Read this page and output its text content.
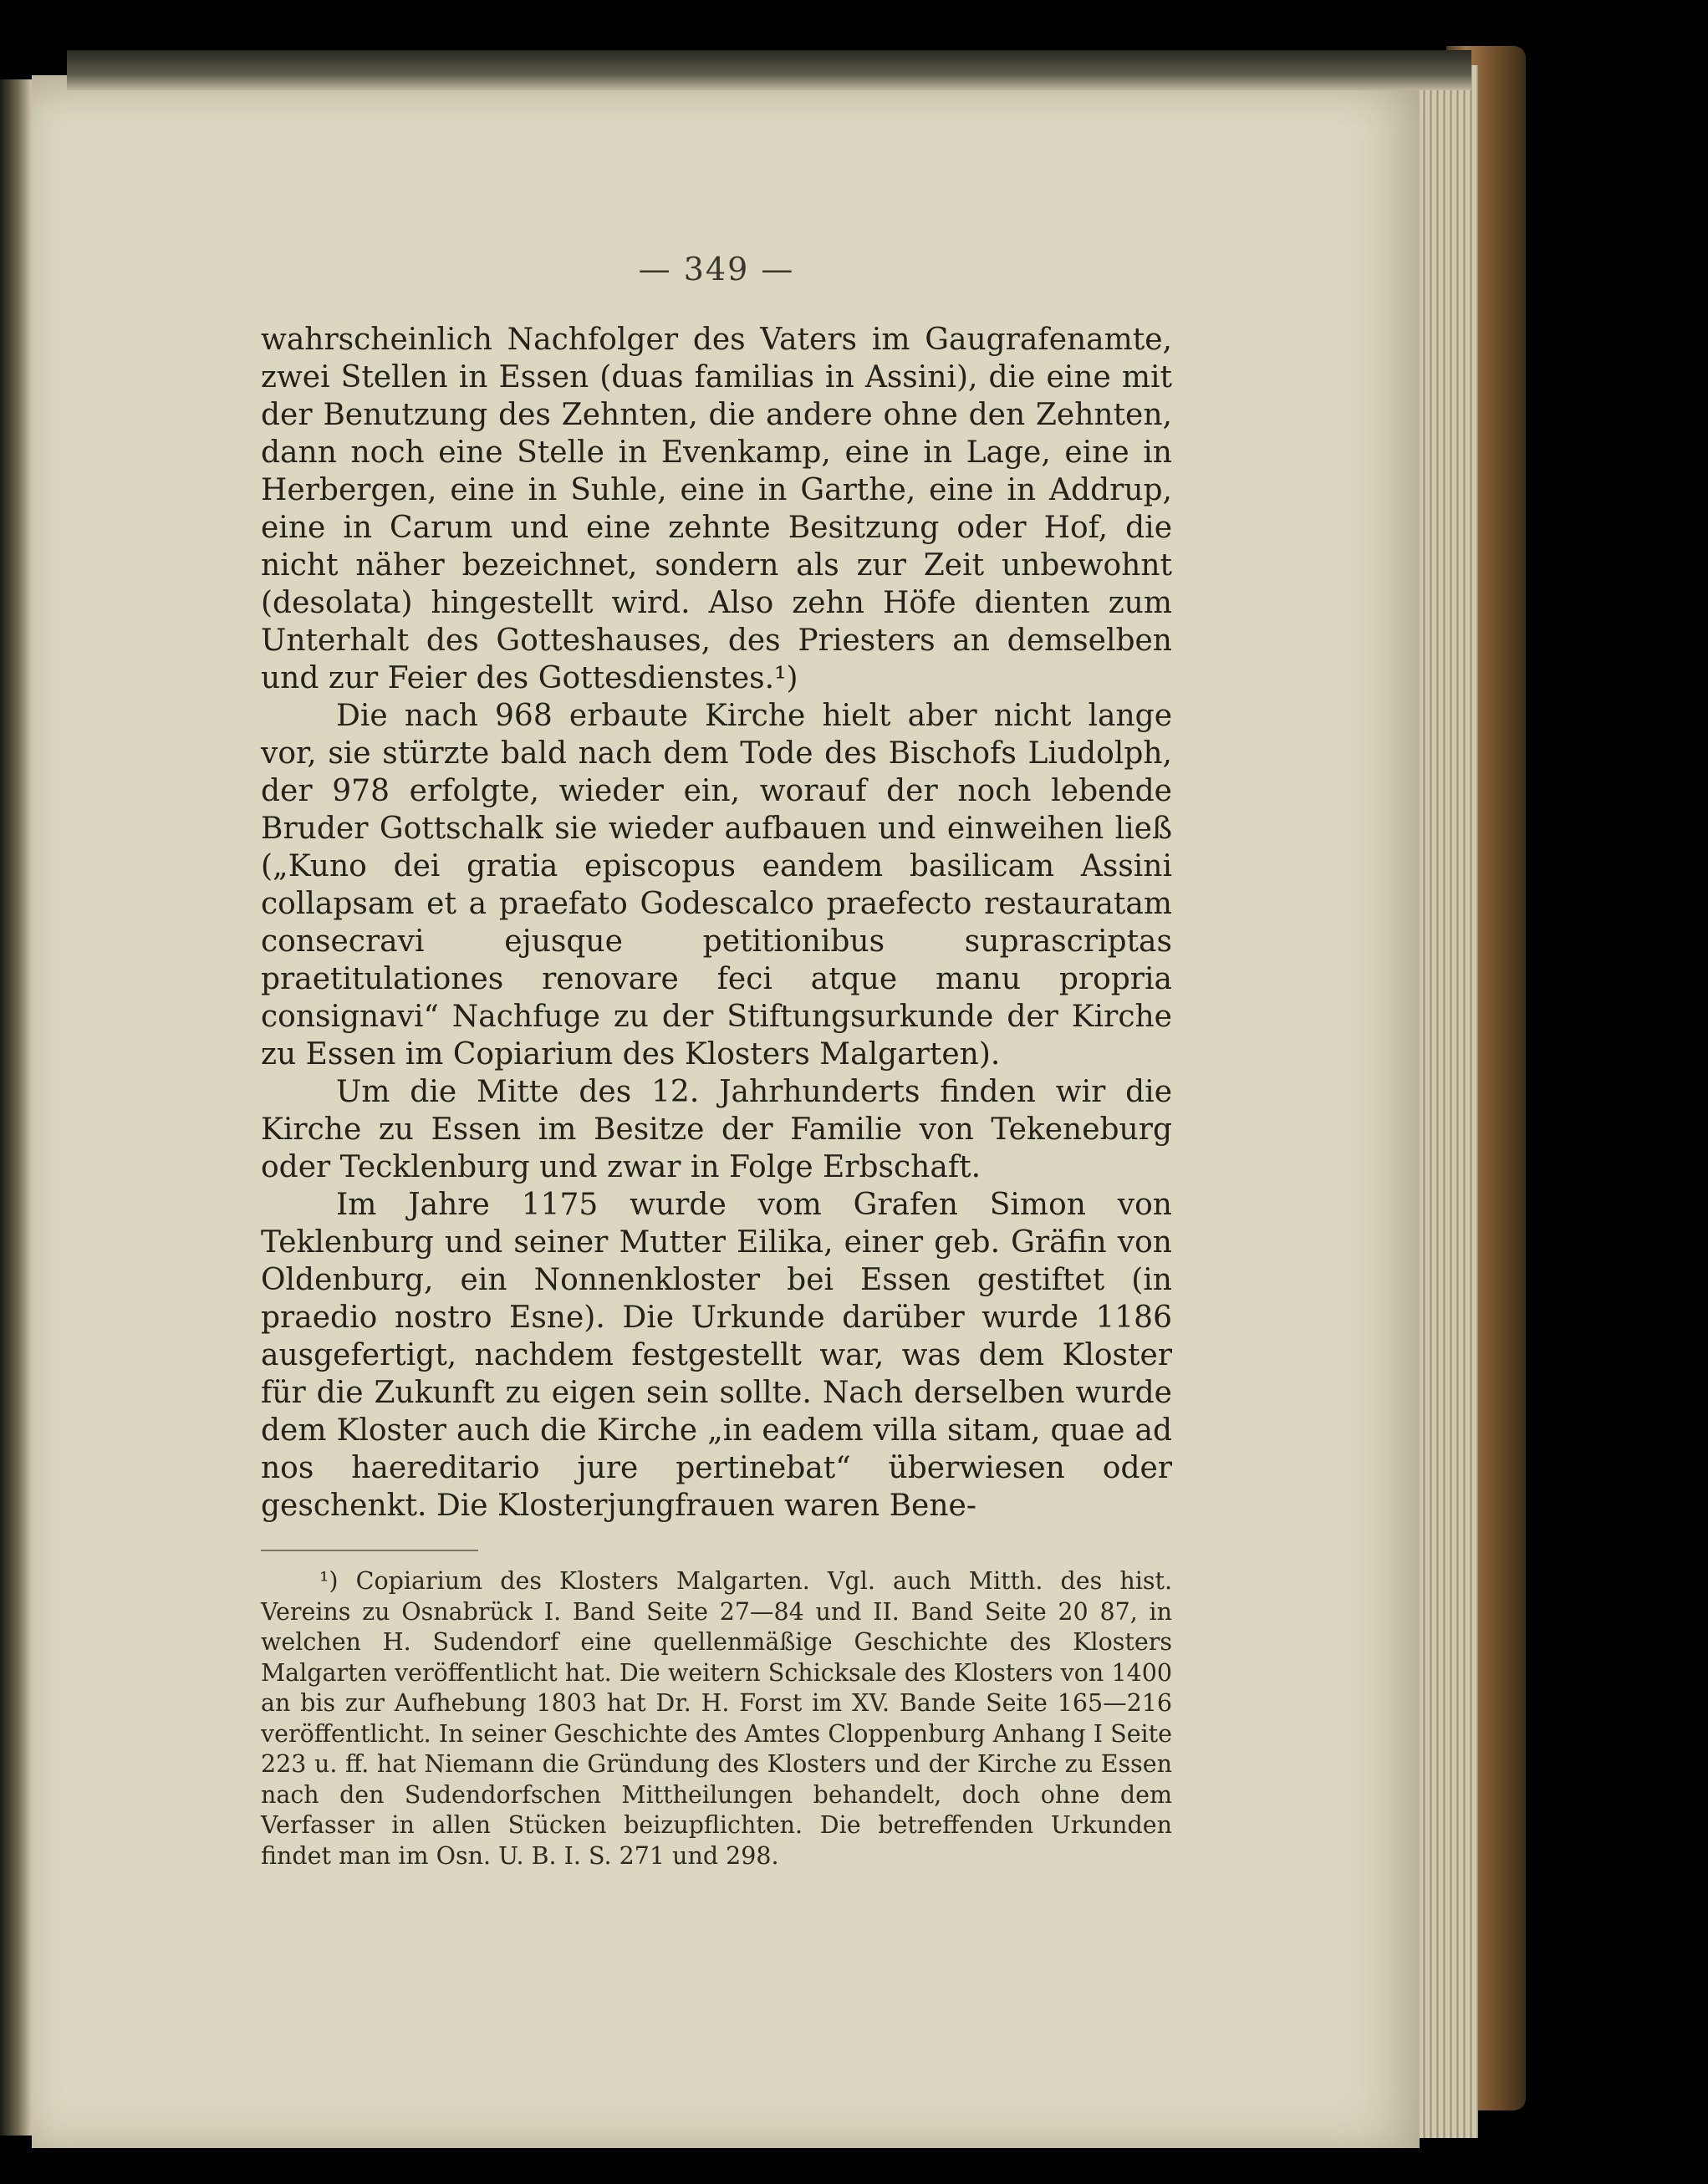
— 349 —

wahrscheinlich Nachfolger des Vaters im Gaugrafenamte, zwei Stellen in Essen (duas familias in Assini), die eine mit der Benutzung des Zehnten, die andere ohne den Zehnten, dann noch eine Stelle in Evenkamp, eine in Lage, eine in Herbergen, eine in Suhle, eine in Garthe, eine in Addrup, eine in Carum und eine zehnte Besitzung oder Hof, die nicht näher bezeichnet, sondern als zur Zeit unbewohnt (desolata) hingestellt wird. Also zehn Höfe dienten zum Unterhalt des Gotteshauses, des Priesters an demselben und zur Feier des Gottesdienstes.¹)

Die nach 968 erbaute Kirche hielt aber nicht lange vor, sie stürzte bald nach dem Tode des Bischofs Liudolph, der 978 erfolgte, wieder ein, worauf der noch lebende Bruder Gottschalk sie wieder aufbauen und einweihen ließ („Kuno dei gratia episcopus eandem basilicam Assini collapsam et a praefato Godescalco praefecto restauratam consecravi ejusque petitionibus suprascriptas praetitulationes renovare feci atque manu propria consignavi“ Nachfuge zu der Stiftungsurkunde der Kirche zu Essen im Copiarium des Klosters Malgarten).

Um die Mitte des 12. Jahrhunderts finden wir die Kirche zu Essen im Besitze der Familie von Tekeneburg oder Tecklenburg und zwar in Folge Erbschaft.

Im Jahre 1175 wurde vom Grafen Simon von Teklenburg und seiner Mutter Eilika, einer geb. Gräfin von Oldenburg, ein Nonnenkloster bei Essen gestiftet (in praedio nostro Esne). Die Urkunde darüber wurde 1186 ausgefertigt, nachdem festgestellt war, was dem Kloster für die Zukunft zu eigen sein sollte. Nach derselben wurde dem Kloster auch die Kirche „in eadem villa sitam, quae ad nos haereditario jure pertinebat“ überwiesen oder geschenkt. Die Klosterjungfrauen waren Bene-

¹) Copiarium des Klosters Malgarten. Vgl. auch Mitth. des hist. Vereins zu Osnabrück I. Band Seite 27—84 und II. Band Seite 20 87, in welchen H. Sudendorf eine quellenmäßige Geschichte des Klosters Malgarten veröffentlicht hat. Die weitern Schicksale des Klosters von 1400 an bis zur Aufhebung 1803 hat Dr. H. Forst im XV. Bande Seite 165—216 veröffentlicht. In seiner Geschichte des Amtes Cloppenburg Anhang I Seite 223 u. ff. hat Niemann die Gründung des Klosters und der Kirche zu Essen nach den Sudendorfschen Mittheilungen behandelt, doch ohne dem Verfasser in allen Stücken beizupflichten. Die betreffenden Urkunden findet man im Osn. U. B. I. S. 271 und 298.
